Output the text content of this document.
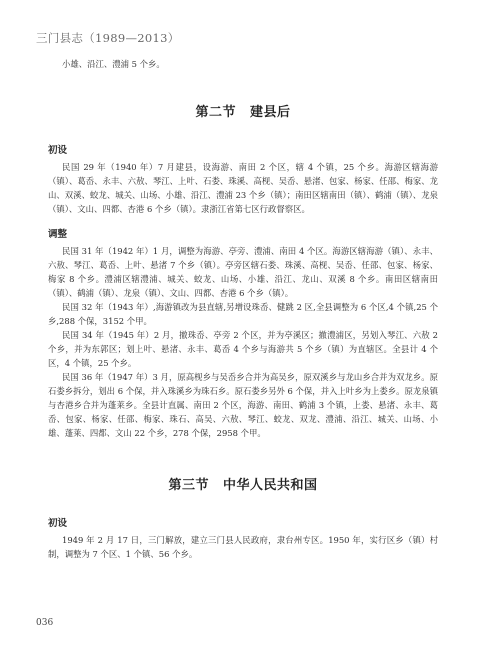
三门县志（1989—2013）

小雄、沿江、澧浦 5 个乡。

第二节 建县后
初设

民国 29 年（1940 年）7 月建县，设海游、南田 2 个区，辖 4 个镇，25 个乡。海游区辖海游（镇）、葛岙、永丰、六敖、琴江、上叶、石娄、珠溪、高枧、吴岙、悬渚、包家、杨家、任邵、梅家、龙山、双溪、蛟龙、城关、山场、小雄、沿江、澧浦 23 个乡（镇）；南田区辖南田（镇）、鹤浦（镇）、龙泉（镇）、文山、四都、杏港 6 个乡（镇）。隶浙江省第七区行政督察区。

调整

民国 31 年（1942 年）1 月，调整为海游、亭旁、澧浦、南田 4 个区。海游区辖海游（镇）、永丰、六敖、琴江、葛岙、上叶、悬渚 7 个乡（镇）。亭旁区辖石娄、珠溪、高枧、吴岙、任邵、包家、杨家、梅家 8 个乡。澧浦区辖澧浦、城关、蛟龙、山场、小雄、沿江、龙山、双溪 8 个乡。南田区辖南田（镇）、鹤浦（镇）、龙泉（镇）、文山、四都、杏港 6 个乡（镇）。

民国 32 年（1943 年）,海游镇改为县直辖,另增设珠岙、健跳 2 区,全县调整为 6 个区,4 个镇,25 个乡,288 个保，3152 个甲。

民国 34 年（1945 年）2 月，撤珠岙、亭旁 2 个区，并为亭溪区；撤澧浦区，另划入琴江、六敖 2 个乡，并为东郭区；划上叶、悬渚、永丰、葛岙 4 个乡与海游共 5 个乡（镇）为直辖区。全县计 4 个区，4 个镇，25 个乡。

民国 36 年（1947 年）3 月，原高枧乡与吴岙乡合并为高吴乡，原双溪乡与龙山乡合并为双龙乡。原石娄乡拆分，划出 6 个保，并入珠溪乡为珠石乡。原石娄乡另外 6 个保，并入上叶乡为上娄乡。原龙泉镇与杏港乡合并为蓬莱乡。全县计直属、南田 2 个区，海游、南田、鹤浦 3 个镇，上娄、悬渚、永丰、葛岙、包家、杨家、任邵、梅家、珠石、高吴、六敖、琴江、蛟龙、双龙、澧浦、沿江、城关、山场、小雄、蓬莱、四都、文山 22 个乡，278 个保，2958 个甲。

第三节 中华人民共和国
初设

1949 年 2 月 17 日，三门解放，建立三门县人民政府，隶台州专区。1950 年，实行区乡（镇）村制，调整为 7 个区、1 个镇、56 个乡。

036
